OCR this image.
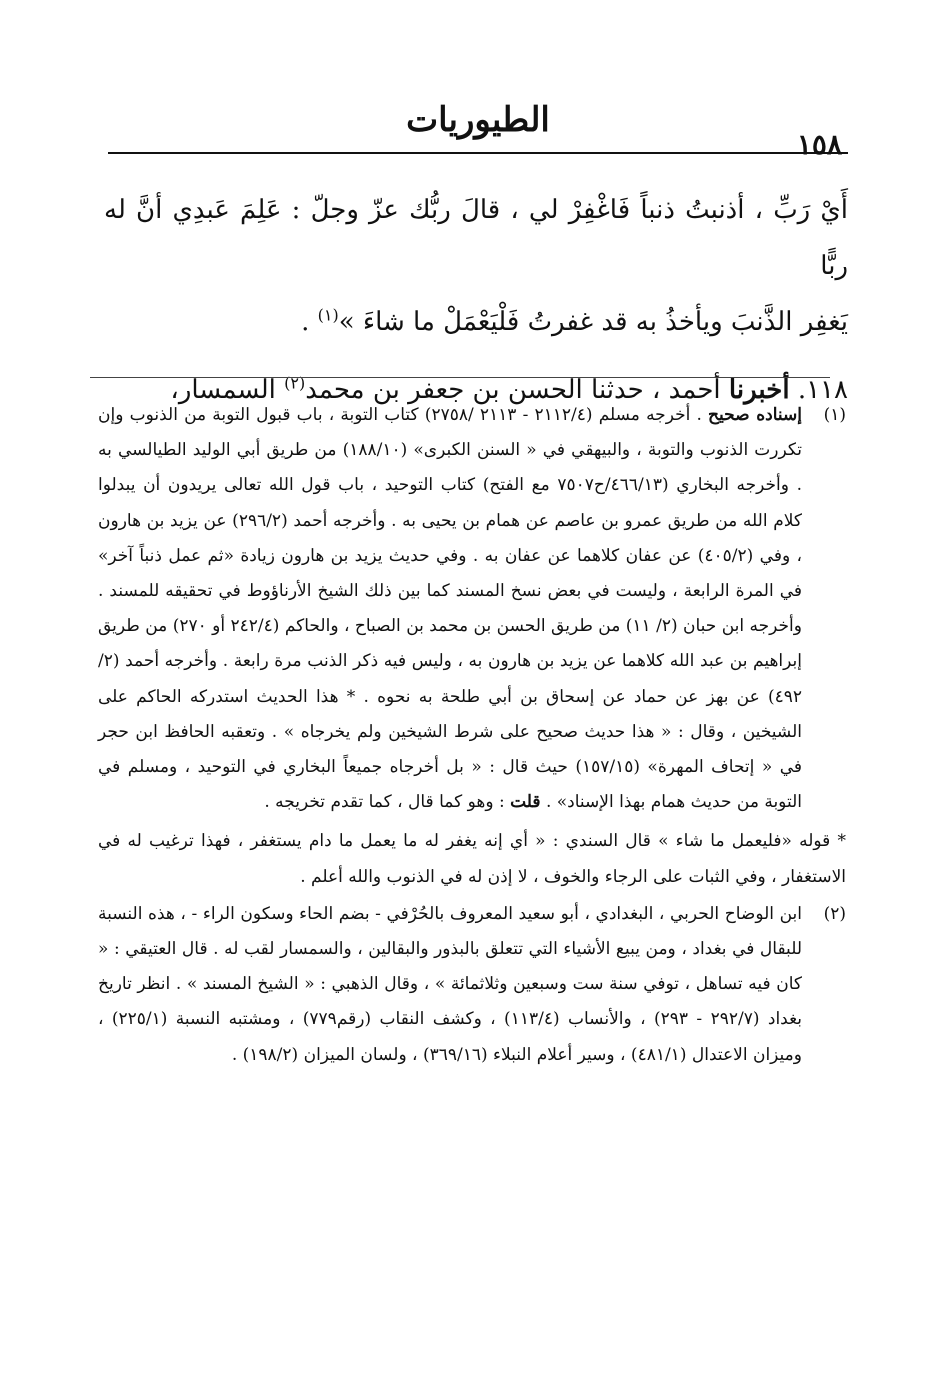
١٥٨
الطيوريات

أَيْ رَبِّ ، أذنبتُ ذنباً فَاغْفِرْ لي ، قالَ ربُّك عزّ وجلّ : عَلِمَ عَبدِي أنَّ له ربًّا

يَغفِر الذَّنبَ ويأخذُ به قد غفرتُ فَلْيَعْمَلْ ما شاءَ »$^{(١)}$ .

١١٨. أخبرنا أحمد ، حدثنا الحسن بن جعفر بن محمد$^{(٢)}$ السمسار،

(١)
إسناده صحيح . أخرجه مسلم (٢١١٢/٤ - ٢١١٣ /٢٧٥٨) كتاب التوبة ، باب قبول التوبة من الذنوب وإن تكررت الذنوب والتوبة ، والبيهقي في « السنن الكبرى» (١٨٨/١٠) من طريق أبي الوليد الطيالسي به . وأخرجه البخاري (٤٦٦/١٣/ح٧٥٠٧ مع الفتح) كتاب التوحيد ، باب قول الله تعالى يريدون أن يبدلوا كلام الله من طريق عمرو بن عاصم عن همام بن يحيى به . وأخرجه أحمد (٢٩٦/٢) عن يزيد بن هارون ، وفي (٤٠٥/٢) عن عفان كلاهما عن عفان به . وفي حديث يزيد بن هارون زيادة «ثم عمل ذنباً آخر» في المرة الرابعة ، وليست في بعض نسخ المسند كما بين ذلك الشيخ الأرناؤوط في تحقيقه للمسند . وأخرجه ابن حبان (٢/ ١١) من طريق الحسن بن محمد بن الصباح ، والحاكم (٢٤٢/٤ أو ٢٧٠) من طريق إبراهيم بن عبد الله كلاهما عن يزيد بن هارون به ، وليس فيه ذكر الذنب مرة رابعة . وأخرجه أحمد (٢/ ٤٩٢) عن بهز عن حماد عن إسحاق بن أبي طلحة به نحوه . * هذا الحديث استدركه الحاكم على الشيخين ، وقال : « هذا حديث صحيح على شرط الشيخين ولم يخرجاه » . وتعقبه الحافظ ابن حجر في « إتحاف المهرة» (١٥٧/١٥) حيث قال : « بل أخرجاه جميعاً البخاري في التوحيد ، ومسلم في التوبة من حديث همام بهذا الإسناد» . قلت : وهو كما قال ، كما تقدم تخريجه .

* قوله «فليعمل ما شاء » قال السندي : « أي إنه يغفر له ما يعمل ما دام يستغفر ، فهذا ترغيب له في الاستغفار ، وفي الثبات على الرجاء والخوف ، لا إذن له في الذنوب والله أعلم .

(٢)
ابن الوضاح الحربي ، البغدادي ، أبو سعيد المعروف بالحُرْفي - بضم الحاء وسكون الراء - ، هذه النسبة للبقال في بغداد ، ومن يبيع الأشياء التي تتعلق بالبذور والبقالين ، والسمسار لقب له . قال العتيقي : « كان فيه تساهل ، توفي سنة ست وسبعين وثلاثمائة » ، وقال الذهبي : « الشيخ المسند » . انظر تاريخ بغداد (٢٩٢/٧ - ٢٩٣) ، والأنساب (١١٣/٤) ، وكشف النقاب (رقم٧٧٩) ، ومشتبه النسبة (٢٢٥/١) ، وميزان الاعتدال (٤٨١/١) ، وسير أعلام النبلاء (٣٦٩/١٦) ، ولسان الميزان (١٩٨/٢) .
